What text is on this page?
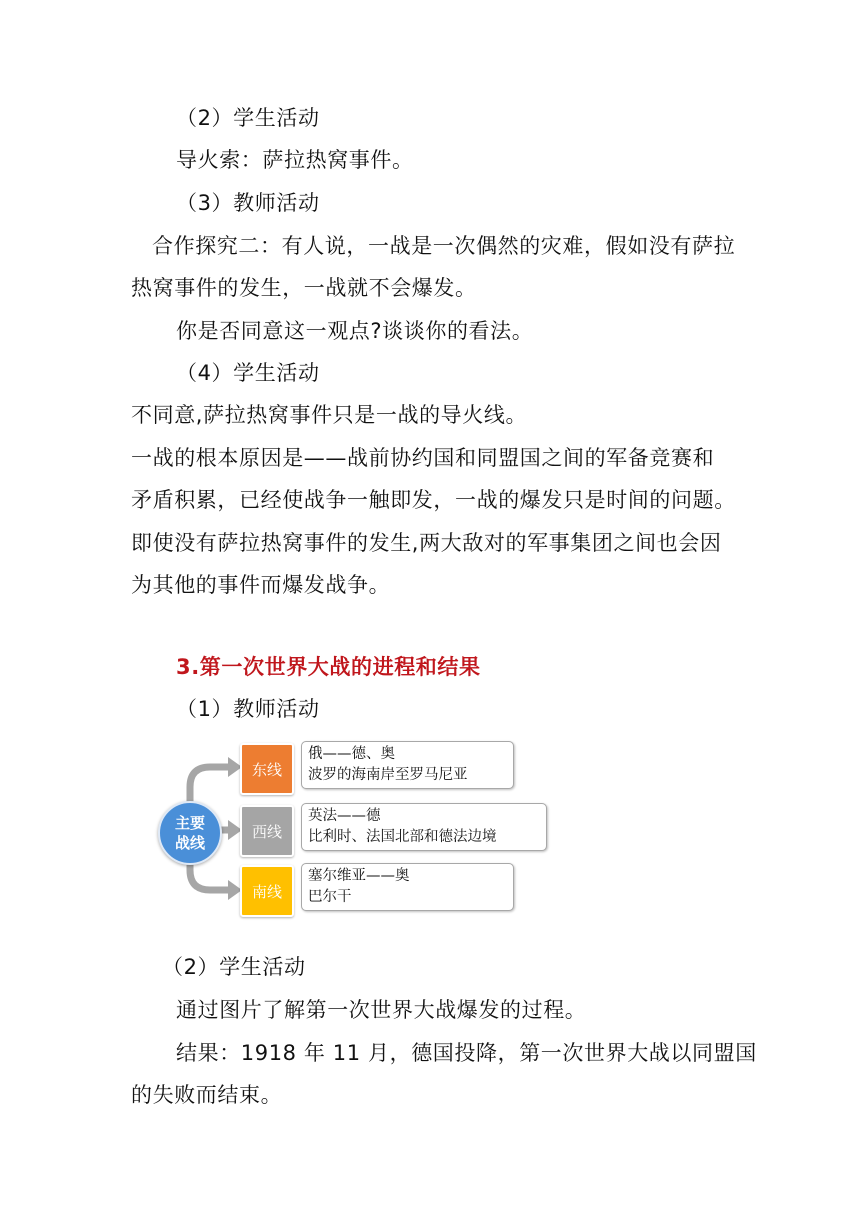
（2）学生活动
导火索：萨拉热窝事件。
（3）教师活动
合作探究二：有人说，一战是一次偶然的灾难，假如没有萨拉
热窝事件的发生，一战就不会爆发。
你是否同意这一观点?谈谈你的看法。
（4）学生活动
不同意,萨拉热窝事件只是一战的导火线。
一战的根本原因是——战前协约国和同盟国之间的军备竞赛和
矛盾积累，已经使战争一触即发，一战的爆发只是时间的问题。
即使没有萨拉热窝事件的发生,两大敌对的军事集团之间也会因
为其他的事件而爆发战争。
3.第一次世界大战的进程和结果
（1）教师活动
主要
战线
东线
俄——德、奥
波罗的海南岸至罗马尼亚
西线
英法——德
比利时、法国北部和德法边境
南线
塞尔维亚——奥
巴尔干
（2）学生活动
通过图片了解第一次世界大战爆发的过程。
结果：1918 年 11 月，德国投降，第一次世界大战以同盟国
的失败而结束。
